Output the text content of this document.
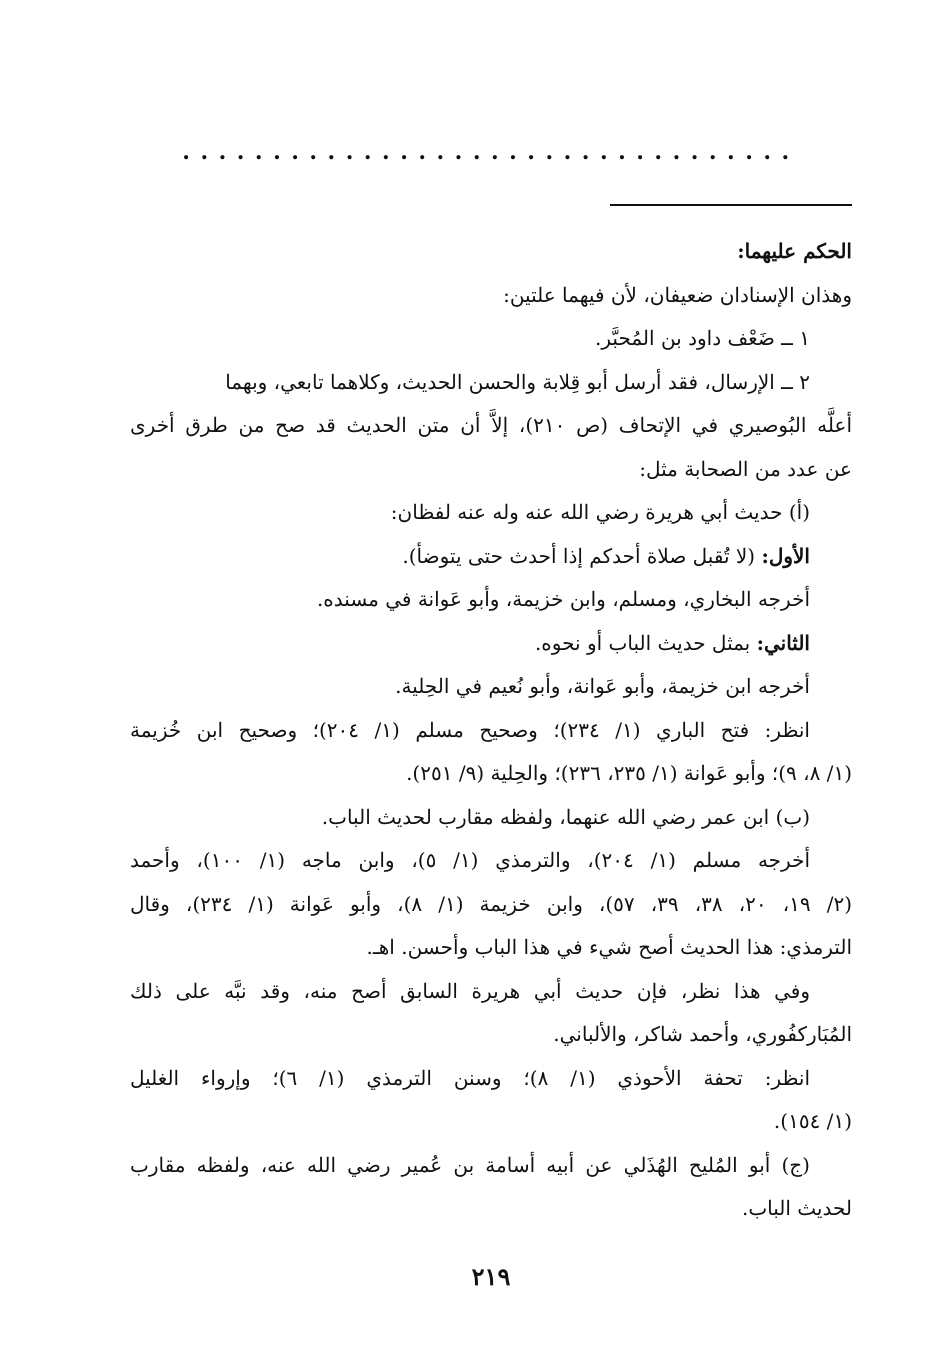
..................................
الحكم عليهما:
وهذان الإسنادان ضعيفان، لأن فيهما علتين:
١ ــ ضَعْف داود بن المُحبَّر.
٢ ــ الإرسال، فقد أرسل أبو قِلابة والحسن الحديث، وكلاهما تابعي، وبهما
أعلَّه البُوصيري في الإتحاف (ص ٢١٠)، إلاَّ أن متن الحديث قد صح من طرق أخرى
عن عدد من الصحابة مثل:
(أ) حديث أبي هريرة رضي الله عنه وله عنه لفظان:
الأول: (لا تُقبل صلاة أحدكم إذا أحدث حتى يتوضأ).
أخرجه البخاري، ومسلم، وابن خزيمة، وأبو عَوانة في مسنده.
الثاني: بمثل حديث الباب أو نحوه.
أخرجه ابن خزيمة، وأبو عَوانة، وأبو نُعيم في الحِلية.
انظر: فتح الباري (١/ ٢٣٤)؛ وصحيح مسلم (١/ ٢٠٤)؛ وصحيح ابن خُزيمة
(١/ ٨، ٩)؛ وأبو عَوانة (١/ ٢٣٥، ٢٣٦)؛ والحِلية (٩/ ٢٥١).
(ب) ابن عمر رضي الله عنهما، ولفظه مقارب لحديث الباب.
أخرجه مسلم (١/ ٢٠٤)، والترمذي (١/ ٥)، وابن ماجه (١/ ١٠٠)، وأحمد
(٢/ ١٩، ٢٠، ٣٨، ٣٩، ٥٧)، وابن خزيمة (١/ ٨)، وأبو عَوانة (١/ ٢٣٤)، وقال
الترمذي: هذا الحديث أصح شيء في هذا الباب وأحسن. اهـ.
وفي هذا نظر، فإن حديث أبي هريرة السابق أصح منه، وقد نبَّه على ذلك
المُبَاركفُوري، وأحمد شاكر، والألباني.
انظر: تحفة الأحوذي (١/ ٨)؛ وسنن الترمذي (١/ ٦)؛ وإرواء الغليل
(١/ ١٥٤).
(ج) أبو المُليح الهُذَلي عن أبيه أسامة بن عُمير رضي الله عنه، ولفظه مقارب
لحديث الباب.
٢١٩
